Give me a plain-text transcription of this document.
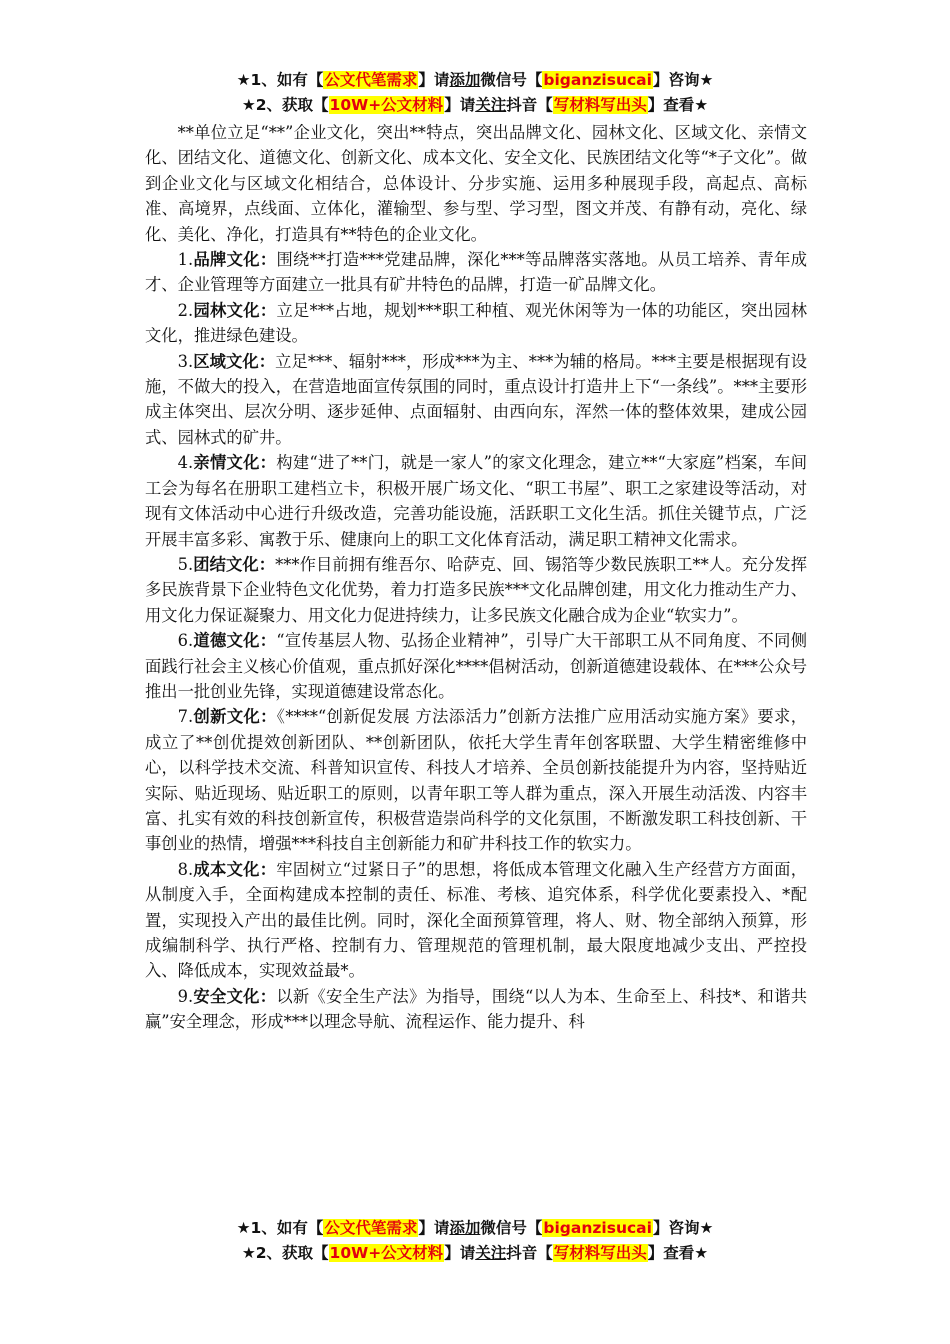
★1、如有【公文代笔需求】请添加微信号【biganzisucai】咨询★
★2、获取【10W+公文材料】请关注抖音【写材料写出头】查看★

**单位立足“**”企业文化，突出**特点，突出品牌文化、园林文化、区域文化、亲情文化、团结文化、道德文化、创新文化、成本文化、安全文化、民族团结文化等“*子文化”。做到企业文化与区域文化相结合，总体设计、分步实施、运用多种展现手段，高起点、高标准、高境界，点线面、立体化，灌输型、参与型、学习型，图文并茂、有静有动，亮化、绿化、美化、净化，打造具有**特色的企业文化。

1.品牌文化：围绕**打造***党建品牌，深化***等品牌落实落地。从员工培养、青年成才、企业管理等方面建立一批具有矿井特色的品牌，打造一矿品牌文化。

2.园林文化：立足***占地，规划***职工种植、观光休闲等为一体的功能区，突出园林文化，推进绿色建设。

3.区域文化：立足***、辐射***，形成***为主、***为辅的格局。***主要是根据现有设施，不做大的投入，在营造地面宣传氛围的同时，重点设计打造井上下“一条线”。***主要形成主体突出、层次分明、逐步延伸、点面辐射、由西向东，浑然一体的整体效果，建成公园式、园林式的矿井。

4.亲情文化：构建“进了**门，就是一家人”的家文化理念，建立**“大家庭”档案，车间工会为每名在册职工建档立卡，积极开展广场文化、“职工书屋”、职工之家建设等活动，对现有文体活动中心进行升级改造，完善功能设施，活跃职工文化生活。抓住关键节点，广泛开展丰富多彩、寓教于乐、健康向上的职工文化体育活动，满足职工精神文化需求。

5.团结文化：***作目前拥有维吾尔、哈萨克、回、锡箔等少数民族职工**人。充分发挥多民族背景下企业特色文化优势，着力打造多民族***文化品牌创建，用文化力推动生产力、用文化力保证凝聚力、用文化力促进持续力，让多民族文化融合成为企业“软实力”。

6.道德文化：“宣传基层人物、弘扬企业精神”，引导广大干部职工从不同角度、不同侧面践行社会主义核心价值观，重点抓好深化****倡树活动，创新道德建设载体、在***公众号推出一批创业先锋，实现道德建设常态化。

7.创新文化：《****“创新促发展 方法添活力”创新方法推广应用活动实施方案》要求，成立了**创优提效创新团队、**创新团队，依托大学生青年创客联盟、大学生精密维修中心，以科学技术交流、科普知识宣传、科技人才培养、全员创新技能提升为内容，坚持贴近实际、贴近现场、贴近职工的原则，以青年职工等人群为重点，深入开展生动活泼、内容丰富、扎实有效的科技创新宣传，积极营造崇尚科学的文化氛围，不断激发职工科技创新、干事创业的热情，增强***科技自主创新能力和矿井科技工作的软实力。

8.成本文化：牢固树立“过紧日子”的思想，将低成本管理文化融入生产经营方方面面，从制度入手，全面构建成本控制的责任、标准、考核、追究体系，科学优化要素投入、*配置，实现投入产出的最佳比例。同时，深化全面预算管理，将人、财、物全部纳入预算，形成编制科学、执行严格、控制有力、管理规范的管理机制，最大限度地减少支出、严控投入、降低成本，实现效益最*。

9.安全文化：以新《安全生产法》为指导，围绕“以人为本、生命至上、科技*、和谐共赢”安全理念，形成***以理念导航、流程运作、能力提升、科

★1、如有【公文代笔需求】请添加微信号【biganzisucai】咨询★
★2、获取【10W+公文材料】请关注抖音【写材料写出头】查看★
